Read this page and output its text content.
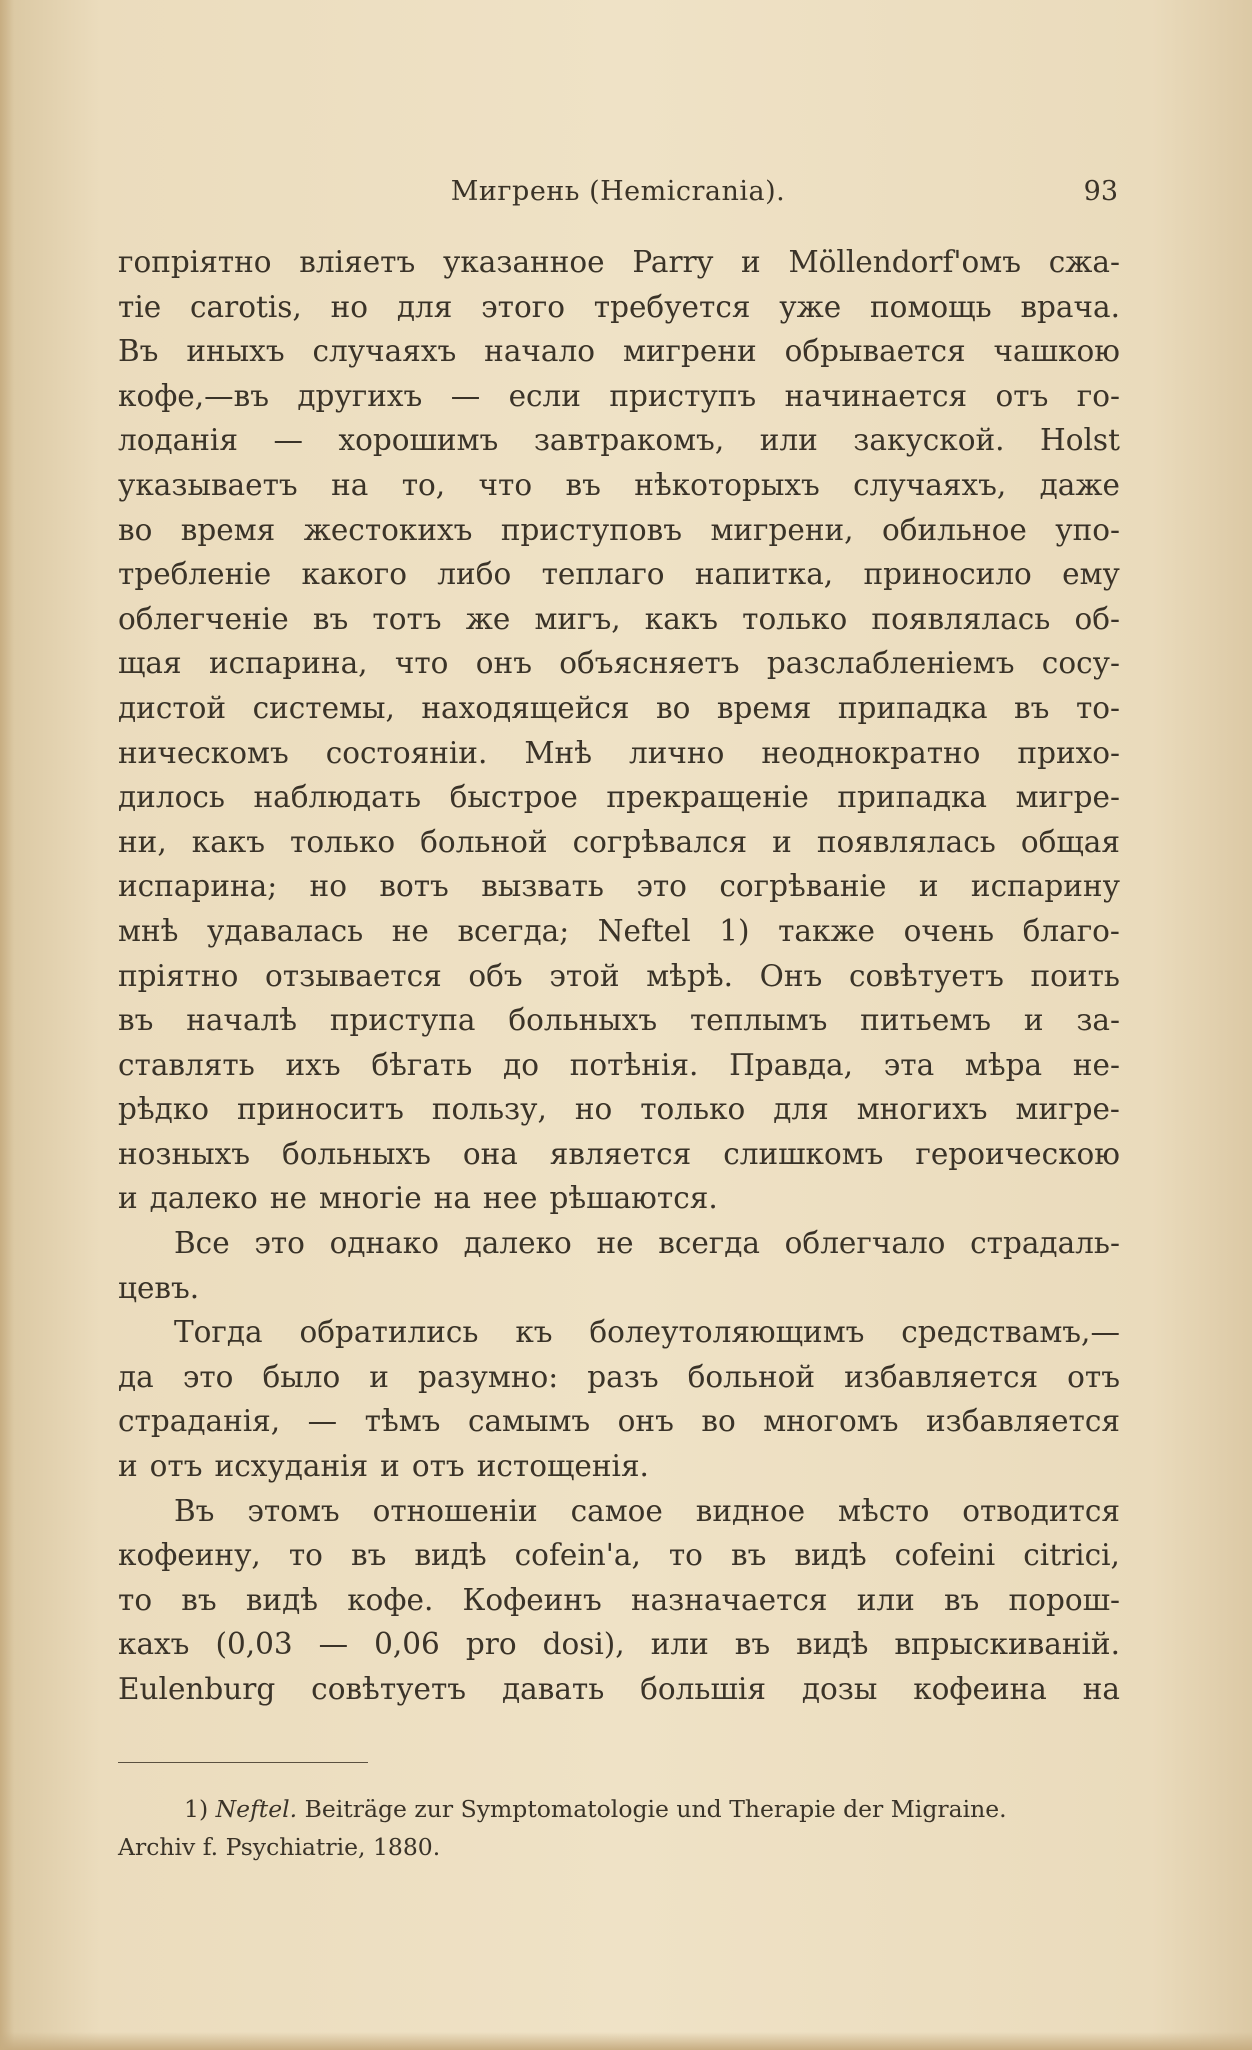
Мигрень (Hemicrania).	93
гопріятно вліяетъ указанное Parry и Möllendorf'омъ сжа-
тіе carotis, но для этого требуется уже помощь врача.
Въ иныхъ случаяхъ начало мигрени обрывается чашкою
кофе,—въ другихъ — если приступъ начинается отъ го-
лоданія — хорошимъ завтракомъ, или закуской. Holst
указываетъ на то, что въ нѣкоторыхъ случаяхъ, даже
во время жестокихъ приступовъ мигрени, обильное упо-
требленіе какого либо теплаго напитка, приносило ему
облегченіе въ тотъ же мигъ, какъ только появлялась об-
щая испарина, что онъ объясняетъ разслабленіемъ сосу-
дистой системы, находящейся во время припадка въ то-
ническомъ состояніи. Мнѣ лично неоднократно прихо-
дилось наблюдать быстрое прекращеніе припадка мигре-
ни, какъ только больной согрѣвался и появлялась общая
испарина; но вотъ вызвать это согрѣваніе и испарину
мнѣ удавалась не всегда; Neftel 1) также очень благо-
пріятно отзывается объ этой мѣрѣ. Онъ совѣтуетъ поить
въ началѣ приступа больныхъ теплымъ питьемъ и за-
ставлять ихъ бѣгать до потѣнія. Правда, эта мѣра не-
рѣдко приноситъ пользу, но только для многихъ мигре-
нозныхъ больныхъ она является слишкомъ героическою
и далеко не многіе на нее рѣшаются.
Все это однако далеко не всегда облегчало страдаль-
цевъ.
Тогда обратились къ болеутоляющимъ средствамъ,—
да это было и разумно: разъ больной избавляется отъ
страданія, — тѣмъ самымъ онъ во многомъ избавляется
и отъ исхуданія и отъ истощенія.
Въ этомъ отношеніи самое видное мѣсто отводится
кофеину, то въ видѣ cofein'a, то въ видѣ cofeini citrici,
то въ видѣ кофе. Кофеинъ назначается или въ порош-
кахъ (0,03 — 0,06 pro dosi), или въ видѣ впрыскиваній.
Eulenburg совѣтуетъ давать большія дозы кофеина на
1) Neftel. Beiträge zur Symptomatologie und Therapie der Migraine.
Archiv f. Psychiatrie, 1880.
